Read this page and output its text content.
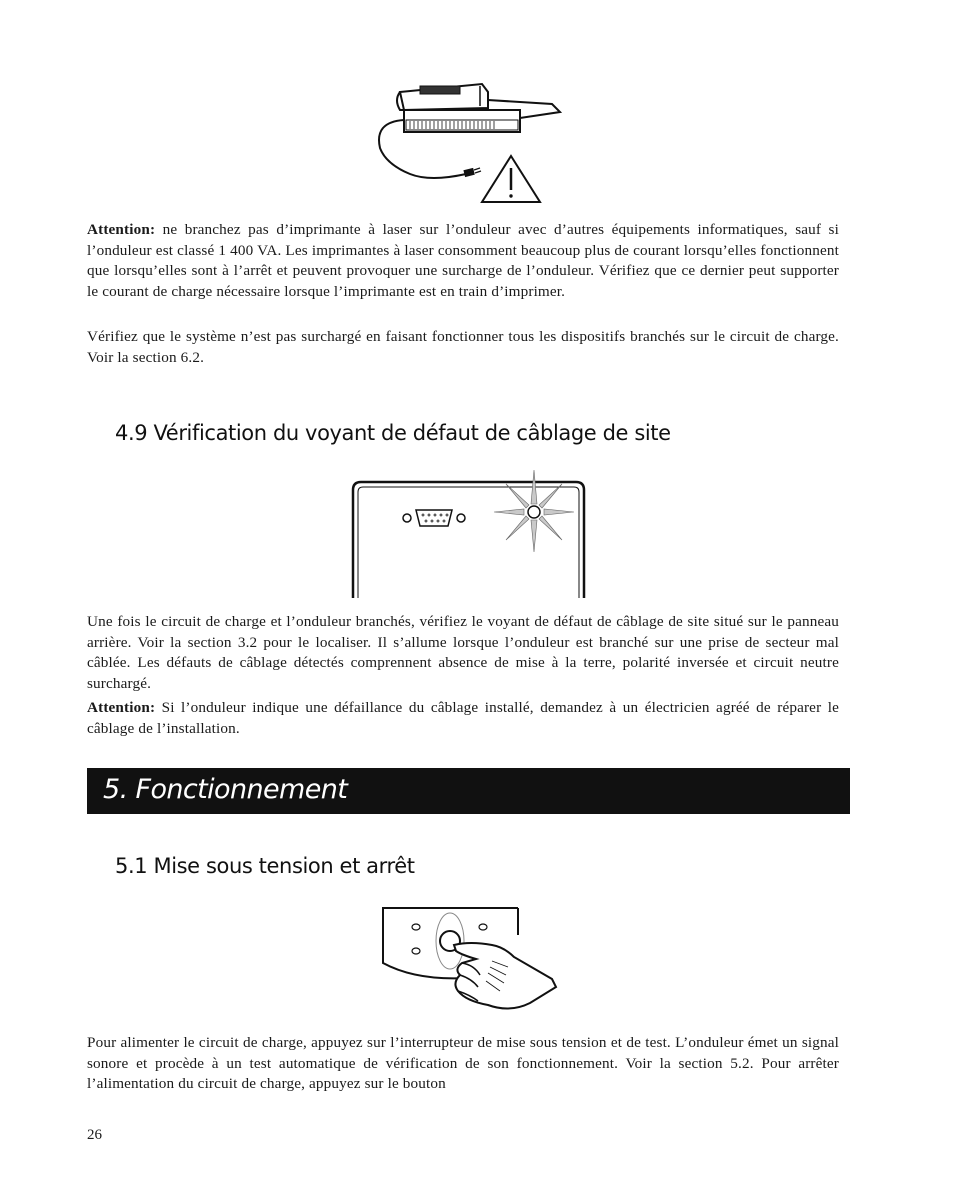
Attention: ne branchez pas d’imprimante à laser sur l’onduleur avec d’autres équipements informatiques, sauf si l’onduleur est classé 1 400 VA. Les imprimantes à laser consomment beaucoup plus de courant lorsqu’elles fonctionnent que lorsqu’elles sont à l’arrêt et peuvent provoquer une surcharge de l’onduleur. Vérifiez que ce dernier peut supporter le courant de charge nécessaire lorsque l’imprimante est en train d’imprimer.
Vérifiez que le système n’est pas surchargé en faisant fonctionner tous les dispositifs branchés sur le circuit de charge. Voir la section 6.2.
4.9 Vérification du voyant de défaut de câblage de site
Une fois le circuit de charge et l’onduleur branchés, vérifiez le voyant de défaut de câblage de site situé sur le panneau arrière. Voir la section 3.2 pour le localiser. Il s’allume lorsque l’onduleur est branché sur une prise de secteur mal câblée. Les défauts de câblage détectés comprennent absence de mise à la terre, polarité inversée et circuit neutre surchargé.
Attention: Si l’onduleur indique une défaillance du câblage installé, demandez à un électricien agréé de réparer le câblage de l’installation.
5. Fonctionnement
5.1 Mise sous tension et arrêt
Pour alimenter le circuit de charge, appuyez sur l’interrupteur de mise sous tension et de test. L’onduleur émet un signal sonore et procède à un test automatique de vérification de son fonctionnement. Voir la section 5.2. Pour arrêter l’alimentation du circuit de charge, appuyez sur le bouton
26
